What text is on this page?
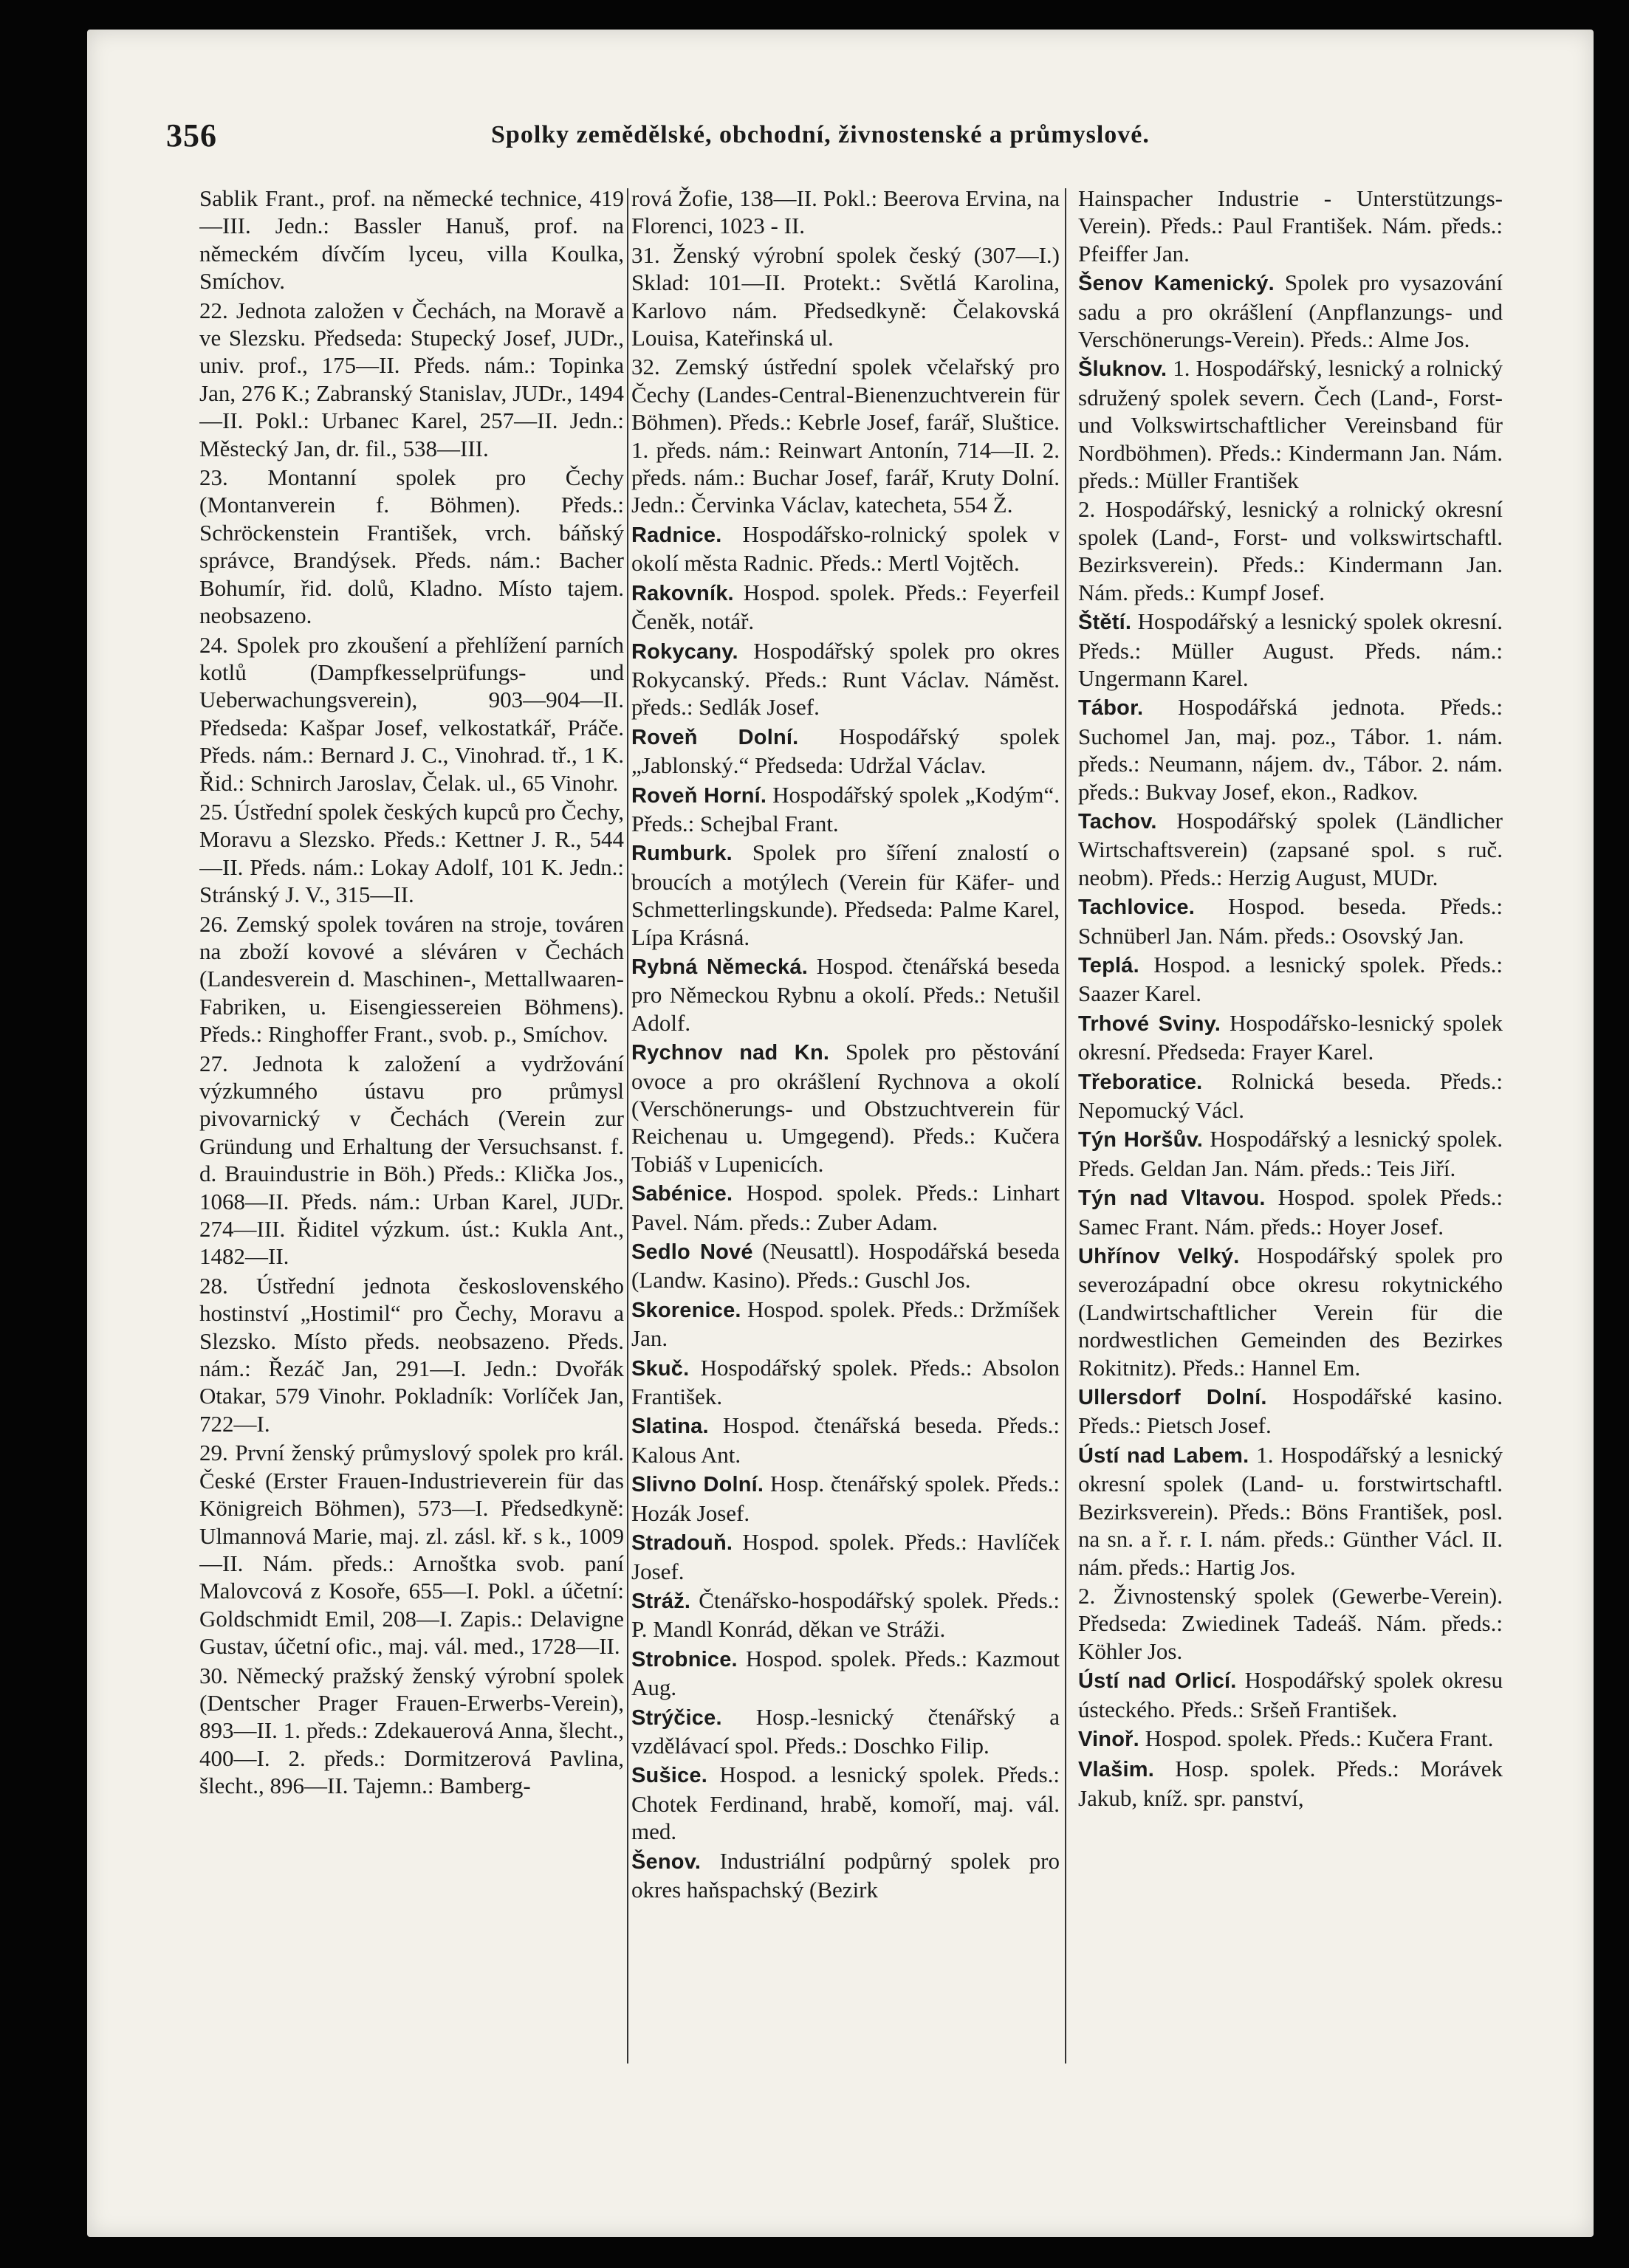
356	Spolky zemědělské, obchodní, živnostenské a průmyslové.

Sablik Frant., prof. na německé technice, 419—III. Jedn.: Bassler Hanuš, prof. na německém dívčím lyceu, villa Koulka, Smíchov.

22. Jednota založen v Čechách, na Moravě a ve Slezsku. Předseda: Stupecký Josef, JUDr., univ. prof., 175—II. Předs. nám.: Topinka Jan, 276 K.; Zabranský Stanislav, JUDr., 1494—II. Pokl.: Urbanec Karel, 257—II. Jedn.: Městecký Jan, dr. fil., 538—III.

23. Montanní spolek pro Čechy (Montanverein f. Böhmen). Předs.: Schröckenstein František, vrch. báňský správce, Brandýsek. Předs. nám.: Bacher Bohumír, řid. dolů, Kladno. Místo tajem. neobsazeno.

24. Spolek pro zkoušení a přehlížení parních kotlů (Dampfkesselprüfungs- und Ueberwachungsverein), 903—904—II. Předseda: Kašpar Josef, velkostatkář, Práče. Předs. nám.: Bernard J. C., Vinohrad. tř., 1 K. Řid.: Schnirch Jaroslav, Čelak. ul., 65 Vinohr.

25. Ústřední spolek českých kupců pro Čechy, Moravu a Slezsko. Předs.: Kettner J. R., 544—II. Předs. nám.: Lokay Adolf, 101 K. Jedn.: Stránský J. V., 315—II.

26. Zemský spolek továren na stroje, továren na zboží kovové a sléváren v Čechách (Landesverein d. Maschinen-, Mettallwaaren-Fabriken, u. Eisengiessereien Böhmens). Předs.: Ringhoffer Frant., svob. p., Smíchov.

27. Jednota k založení a vydržování výzkumného ústavu pro průmysl pivovarnický v Čechách (Verein zur Gründung und Erhaltung der Versuchsanst. f. d. Brauindustrie in Böh.) Předs.: Klička Jos., 1068—II. Předs. nám.: Urban Karel, JUDr. 274—III. Řiditel výzkum. úst.: Kukla Ant., 1482—II.

28. Ústřední jednota československého hostinství „Hostimil“ pro Čechy, Moravu a Slezsko. Místo předs. neobsazeno. Předs. nám.: Řezáč Jan, 291—I. Jedn.: Dvořák Otakar, 579 Vinohr. Pokladník: Vorlíček Jan, 722—I.

29. První ženský průmyslový spolek pro král. České (Erster Frauen-Industrieverein für das Königreich Böhmen), 573—I. Předsedkyně: Ulmannová Marie, maj. zl. zásl. kř. s k., 1009—II. Nám. předs.: Arnoštka svob. paní Malovcová z Kosoře, 655—I. Pokl. a účetní: Goldschmidt Emil, 208—I. Zapis.: Delavigne Gustav, účetní ofic., maj. vál. med., 1728—II.

30. Německý pražský ženský výrobní spolek (Dentscher Prager Frauen-Erwerbs-Verein), 893—II. 1. předs.: Zdekauerová Anna, šlecht., 400—I. 2. předs.: Dormitzerová Pavlina, šlecht., 896—II. Tajemn.: Bamberg-

rová Žofie, 138—II. Pokl.: Beerova Ervina, na Florenci, 1023 - II.

31. Ženský výrobní spolek český (307—I.) Sklad: 101—II. Protekt.: Světlá Karolina, Karlovo nám. Předsedkyně: Čelakovská Louisa, Kateřinská ul.

32. Zemský ústřední spolek včelařský pro Čechy (Landes-Central-Bienenzuchtverein für Böhmen). Předs.: Kebrle Josef, farář, Sluštice. 1. předs. nám.: Reinwart Antonín, 714—II. 2. předs. nám.: Buchar Josef, farář, Kruty Dolní. Jedn.: Červinka Václav, katecheta, 554 Ž.

Radnice. Hospodářsko-rolnický spolek v okolí města Radnic. Předs.: Mertl Vojtěch.

Rakovník. Hospod. spolek. Předs.: Feyerfeil Čeněk, notář.

Rokycany. Hospodářský spolek pro okres Rokycanský. Předs.: Runt Václav. Náměst. předs.: Sedlák Josef.

Roveň Dolní. Hospodářský spolek „Jablonský.“ Předseda: Udržal Václav.

Roveň Horní. Hospodářský spolek „Kodým“. Předs.: Schejbal Frant.

Rumburk. Spolek pro šíření znalostí o broucích a motýlech (Verein für Käfer- und Schmetterlingskunde). Předseda: Palme Karel, Lípa Krásná.

Rybná Německá. Hospod. čtenářská beseda pro Německou Rybnu a okolí. Předs.: Netušil Adolf.

Rychnov nad Kn. Spolek pro pěstování ovoce a pro okrášlení Rychnova a okolí (Verschönerungs- und Obstzuchtverein für Reichenau u. Umgegend). Předs.: Kučera Tobiáš v Lupenicích.

Sabénice. Hospod. spolek. Předs.: Linhart Pavel. Nám. předs.: Zuber Adam.

Sedlo Nové (Neusattl). Hospodářská beseda (Landw. Kasino). Předs.: Guschl Jos.

Skorenice. Hospod. spolek. Předs.: Držmíšek Jan.

Skuč. Hospodářský spolek. Předs.: Absolon František.

Slatina. Hospod. čtenářská beseda. Předs.: Kalous Ant.

Slivno Dolní. Hosp. čtenářský spolek. Předs.: Hozák Josef.

Stradouň. Hospod. spolek. Předs.: Havlíček Josef.

Stráž. Čtenářsko-hospodářský spolek. Předs.: P. Mandl Konrád, děkan ve Stráži.

Strobnice. Hospod. spolek. Předs.: Kazmout Aug.

Strýčice. Hosp.-lesnický čtenářský a vzdělávací spol. Předs.: Doschko Filip.

Sušice. Hospod. a lesnický spolek. Předs.: Chotek Ferdinand, hrabě, komoří, maj. vál. med.

Šenov. Industriální podpůrný spolek pro okres haňspachský (Bezirk

Hainspacher Industrie - Unterstützungs-Verein). Předs.: Paul František. Nám. předs.: Pfeiffer Jan.

Šenov Kamenický. Spolek pro vysazování sadu a pro okrášlení (Anpflanzungs- und Verschönerungs-Verein). Předs.: Alme Jos.

Šluknov. 1. Hospodářský, lesnický a rolnický sdružený spolek severn. Čech (Land-, Forst- und Volkswirtschaftlicher Vereinsband für Nordböhmen). Předs.: Kindermann Jan. Nám. předs.: Müller František

2. Hospodářský, lesnický a rolnický okresní spolek (Land-, Forst- und volkswirtschaftl. Bezirksverein). Předs.: Kindermann Jan. Nám. předs.: Kumpf Josef.

Štětí. Hospodářský a lesnický spolek okresní. Předs.: Müller August. Předs. nám.: Ungermann Karel.

Tábor. Hospodářská jednota. Předs.: Suchomel Jan, maj. poz., Tábor. 1. nám. předs.: Neumann, nájem. dv., Tábor. 2. nám. předs.: Bukvay Josef, ekon., Radkov.

Tachov. Hospodářský spolek (Ländlicher Wirtschaftsverein) (zapsané spol. s ruč. neobm). Předs.: Herzig August, MUDr.

Tachlovice. Hospod. beseda. Předs.: Schnüberl Jan. Nám. předs.: Osovský Jan.

Teplá. Hospod. a lesnický spolek. Předs.: Saazer Karel.

Trhové Sviny. Hospodářsko-lesnický spolek okresní. Předseda: Frayer Karel.

Třeboratice. Rolnická beseda. Předs.: Nepomucký Václ.

Týn Horšův. Hospodářský a lesnický spolek. Předs. Geldan Jan. Nám. předs.: Teis Jiří.

Týn nad Vltavou. Hospod. spolek Předs.: Samec Frant. Nám. předs.: Hoyer Josef.

Uhřínov Velký. Hospodářský spolek pro severozápadní obce okresu rokytnického (Landwirtschaftlicher Verein für die nordwestlichen Gemeinden des Bezirkes Rokitnitz). Předs.: Hannel Em.

Ullersdorf Dolní. Hospodářské kasino. Předs.: Pietsch Josef.

Ústí nad Labem. 1. Hospodářský a lesnický okresní spolek (Land- u. forstwirtschaftl. Bezirksverein). Předs.: Böns František, posl. na sn. a ř. r. I. nám. předs.: Günther Václ. II. nám. předs.: Hartig Jos.

2. Živnostenský spolek (Gewerbe-Verein). Předseda: Zwiedinek Tadeáš. Nám. předs.: Köhler Jos.

Ústí nad Orlicí. Hospodářský spolek okresu ústeckého. Předs.: Sršeň František.

Vinoř. Hospod. spolek. Předs.: Kučera Frant.

Vlašim. Hosp. spolek. Předs.: Morávek Jakub, kníž. spr. panství,
